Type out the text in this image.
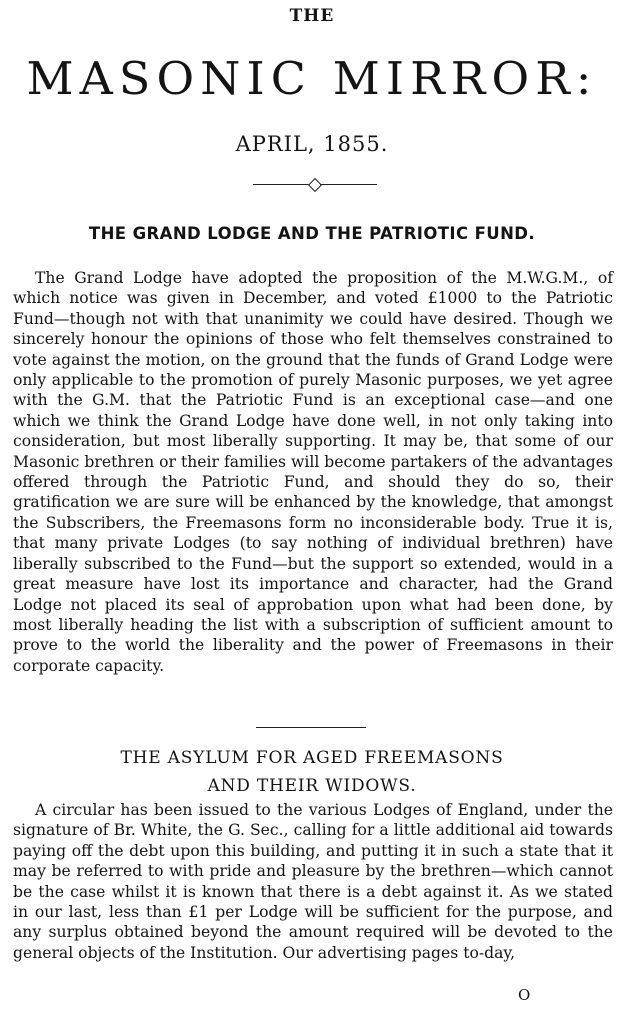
THE
MASONIC MIRROR:
APRIL, 1855.
THE GRAND LODGE AND THE PATRIOTIC FUND.

The Grand Lodge have adopted the proposition of the M.W.G.M., of which notice was given in December, and voted £1000 to the Patriotic Fund—though not with that unanimity we could have desired. Though we sincerely honour the opinions of those who felt themselves constrained to vote against the motion, on the ground that the funds of Grand Lodge were only applicable to the promotion of purely Masonic purposes, we yet agree with the G.M. that the Patriotic Fund is an exceptional case—and one which we think the Grand Lodge have done well, in not only taking into consideration, but most liberally supporting. It may be, that some of our Masonic brethren or their families will become partakers of the advantages offered through the Patriotic Fund, and should they do so, their gratification we are sure will be enhanced by the knowledge, that amongst the Subscribers, the Freemasons form no inconsiderable body. True it is, that many private Lodges (to say nothing of individual brethren) have liberally subscribed to the Fund—but the support so extended, would in a great measure have lost its importance and character, had the Grand Lodge not placed its seal of approbation upon what had been done, by most liberally heading the list with a subscription of sufficient amount to prove to the world the liberality and the power of Freemasons in their corporate capacity.

THE ASYLUM FOR AGED FREEMASONS
AND THEIR WIDOWS.

A circular has been issued to the various Lodges of England, under the signature of Br. White, the G. Sec., calling for a little additional aid towards paying off the debt upon this building, and putting it in such a state that it may be referred to with pride and pleasure by the brethren—which cannot be the case whilst it is known that there is a debt against it. As we stated in our last, less than £1 per Lodge will be sufficient for the purpose, and any surplus obtained beyond the amount required will be devoted to the general objects of the Institution. Our advertising pages to-day,

O
